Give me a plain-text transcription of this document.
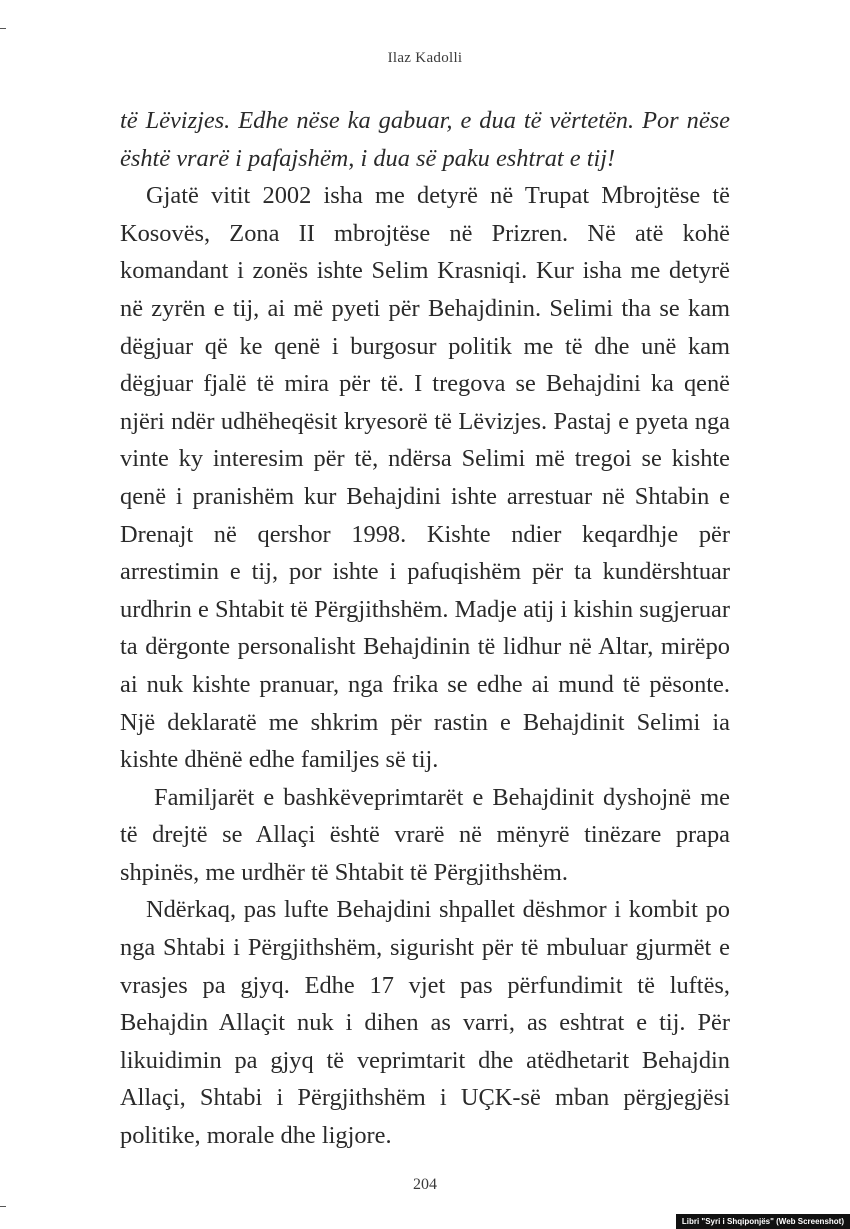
Ilaz Kadolli

të Lëvizjes. Edhe nëse ka gabuar, e dua të vërtetën. Por nëse është vrarë i pafajshëm, i dua së paku eshtrat e tij!

Gjatë vitit 2002 isha me detyrë në Trupat Mbrojtëse të Kosovës, Zona II mbrojtëse në Prizren. Në atë kohë komandant i zonës ishte Selim Krasniqi. Kur isha me detyrë në zyrën e tij, ai më pyeti për Behajdinin. Selimi tha se kam dëgjuar që ke qenë i burgosur politik me të dhe unë kam dëgjuar fjalë të mira për të. I tregova se Behajdini ka qenë njëri ndër udhëheqësit kryesorë të Lëvizjes. Pastaj e pyeta nga vinte ky interesim për të, ndërsa Selimi më tregoi se kishte qenë i pranishëm kur Behajdini ishte arrestuar në Shtabin e Drenajt në qershor 1998. Kishte ndier keqardhje për arrestimin e tij, por ishte i pafuqishëm për ta kundërshtuar urdhrin e Shtabit të Përgjithshëm. Madje atij i kishin sugjeruar ta dërgonte personalisht Behajdinin të lidhur në Altar, mirëpo ai nuk kishte pranuar, nga frika se edhe ai mund të pësonte. Një deklaratë me shkrim për rastin e Behajdinit Selimi ia kishte dhënë edhe familjes së tij.

Familjarët e bashkëveprimtarët e Behajdinit dyshojnë me të drejtë se Allaçi është vrarë në mënyrë tinëzare prapa shpinës, me urdhër të Shtabit të Përgjithshëm.

Ndërkaq, pas lufte Behajdini shpallet dëshmor i kombit po nga Shtabi i Përgjithshëm, sigurisht për të mbuluar gjurmët e vrasjes pa gjyq. Edhe 17 vjet pas përfundimit të luftës, Behajdin Allaçit nuk i dihen as varri, as eshtrat e tij. Për likuidimin pa gjyq të veprimtarit dhe atëdhetarit Behajdin Allaçi, Shtabi i Përgjithshëm i UÇK-së mban përgjegjësi politike, morale dhe ligjore.

204
Libri "Syri i Shqiponjës" (Web Screenshot)
